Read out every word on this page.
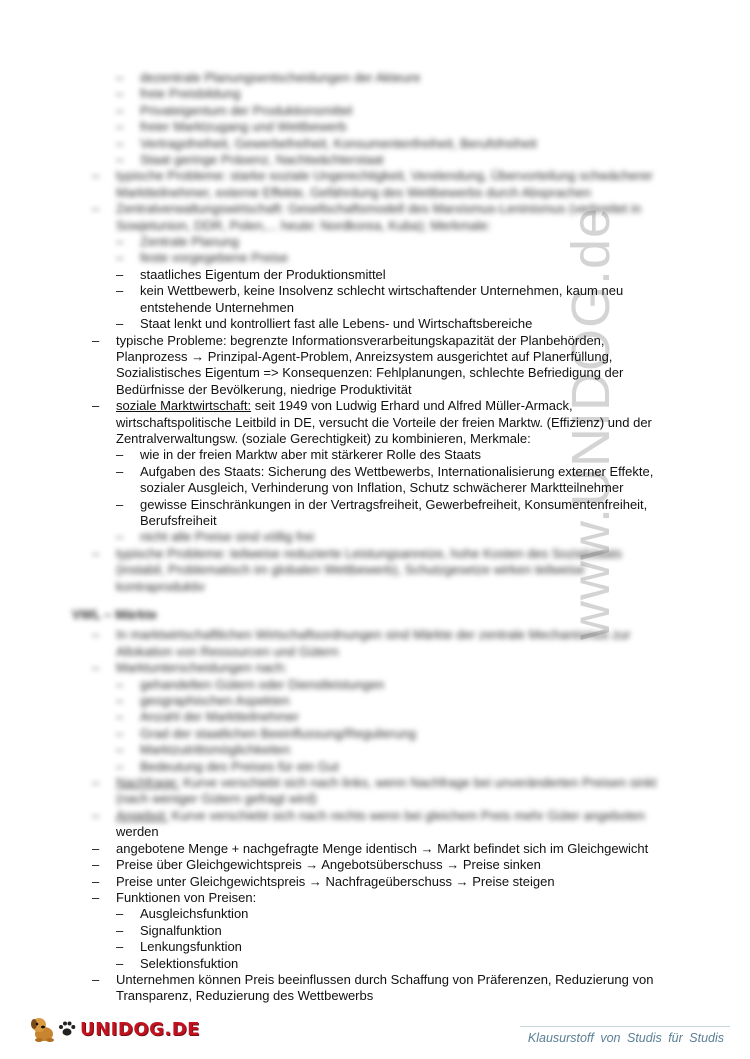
www.UNIDOG.de
– dezentrale Planungsentscheidungen der Akteure
– freie Preisbildung
– Privateigentum der Produktionsmittel
– freier Marktzugang und Wettbewerb
– Vertragsfreiheit, Gewerbefreiheit, Konsumentenfreiheit, Berufsfreiheit
– Staat geringe Präsenz, Nachtwächterstaat
– typische Probleme: starke soziale Ungerechtigkeit, Verelendung, Übervorteilung schwächerer Marktteilnehmer, externe Effekte, Gefährdung des Wettbewerbs durch Absprachen
– Zentralverwaltungswirtschaft: Gesellschaftsmodell des Marxismus-Leninismus (verbreitet in Sowjetunion, DDR, Polen,... heute: Nordkorea, Kuba); Merkmale:
– Zentrale Planung
– feste vorgegebene Preise
– staatliches Eigentum der Produktionsmittel
– kein Wettbewerb, keine Insolvenz schlecht wirtschaftender Unternehmen, kaum neu entstehende Unternehmen
– Staat lenkt und kontrolliert fast alle Lebens- und Wirtschaftsbereiche
– typische Probleme: begrenzte Informationsverarbeitungskapazität der Planbehörden, Planprozess → Prinzipal-Agent-Problem, Anreizsystem ausgerichtet auf Planerfüllung, Sozialistisches Eigentum => Konsequenzen: Fehlplanungen, schlechte Befriedigung der Bedürfnisse der Bevölkerung, niedrige Produktivität
– soziale Marktwirtschaft: seit 1949 von Ludwig Erhard und Alfred Müller-Armack, wirtschaftspolitische Leitbild in DE, versucht die Vorteile der freien Marktw. (Effizienz) und der Zentralverwaltungsw. (soziale Gerechtigkeit) zu kombinieren, Merkmale:
– wie in der freien Marktw aber mit stärkerer Rolle des Staats
– Aufgaben des Staats: Sicherung des Wettbewerbs, Internationalisierung externer Effekte, sozialer Ausgleich, Verhinderung von Inflation, Schutz schwächerer Marktteilnehmer
– gewisse Einschränkungen in der Vertragsfreiheit, Gewerbefreiheit, Konsumentenfreiheit, Berufsfreiheit
– nicht alle Preise sind völlig frei
– typische Probleme: teilweise reduzierte Leistungsanreize, hohe Kosten des Sozialstaats (instabil, Problematisch im globalen Wettbewerb), Schutzgesetze wirken teilweise kontraproduktiv
VWL – Märkte
– In marktwirtschaftlichen Wirtschaftsordnungen sind Märkte der zentrale Mechanismus zur Allokation von Ressourcen und Gütern
– Marktunterscheidungen nach:
– gehandelten Gütern oder Dienstleistungen
– geographischen Aspekten
– Anzahl der Marktteilnehmer
– Grad der staatlichen Beeinflussung/Regulierung
– Marktzutrittsmöglichkeiten
– Bedeutung des Preises für ein Gut
– Nachfrage: Kurve verschiebt sich nach links, wenn Nachfrage bei unveränderten Preisen sinkt (nach weniger Gütern gefragt wird)
– Angebot: Kurve verschiebt sich nach rechts wenn bei gleichem Preis mehr Güter angeboten
werden
– angebotene Menge + nachgefragte Menge identisch → Markt befindet sich im Gleichgewicht
– Preise über Gleichgewichtspreis → Angebotsüberschuss → Preise sinken
– Preise unter Gleichgewichtspreis → Nachfrageüberschuss → Preise steigen
– Funktionen von Preisen:
– Ausgleichsfunktion
– Signalfunktion
– Lenkungsfunktion
– Selektionsfuktion
– Unternehmen können Preis beeinflussen durch Schaffung von Präferenzen, Reduzierung von Transparenz, Reduzierung des Wettbewerbs
UNIDOG.DE	Klausurstoff von Studis für Studis
